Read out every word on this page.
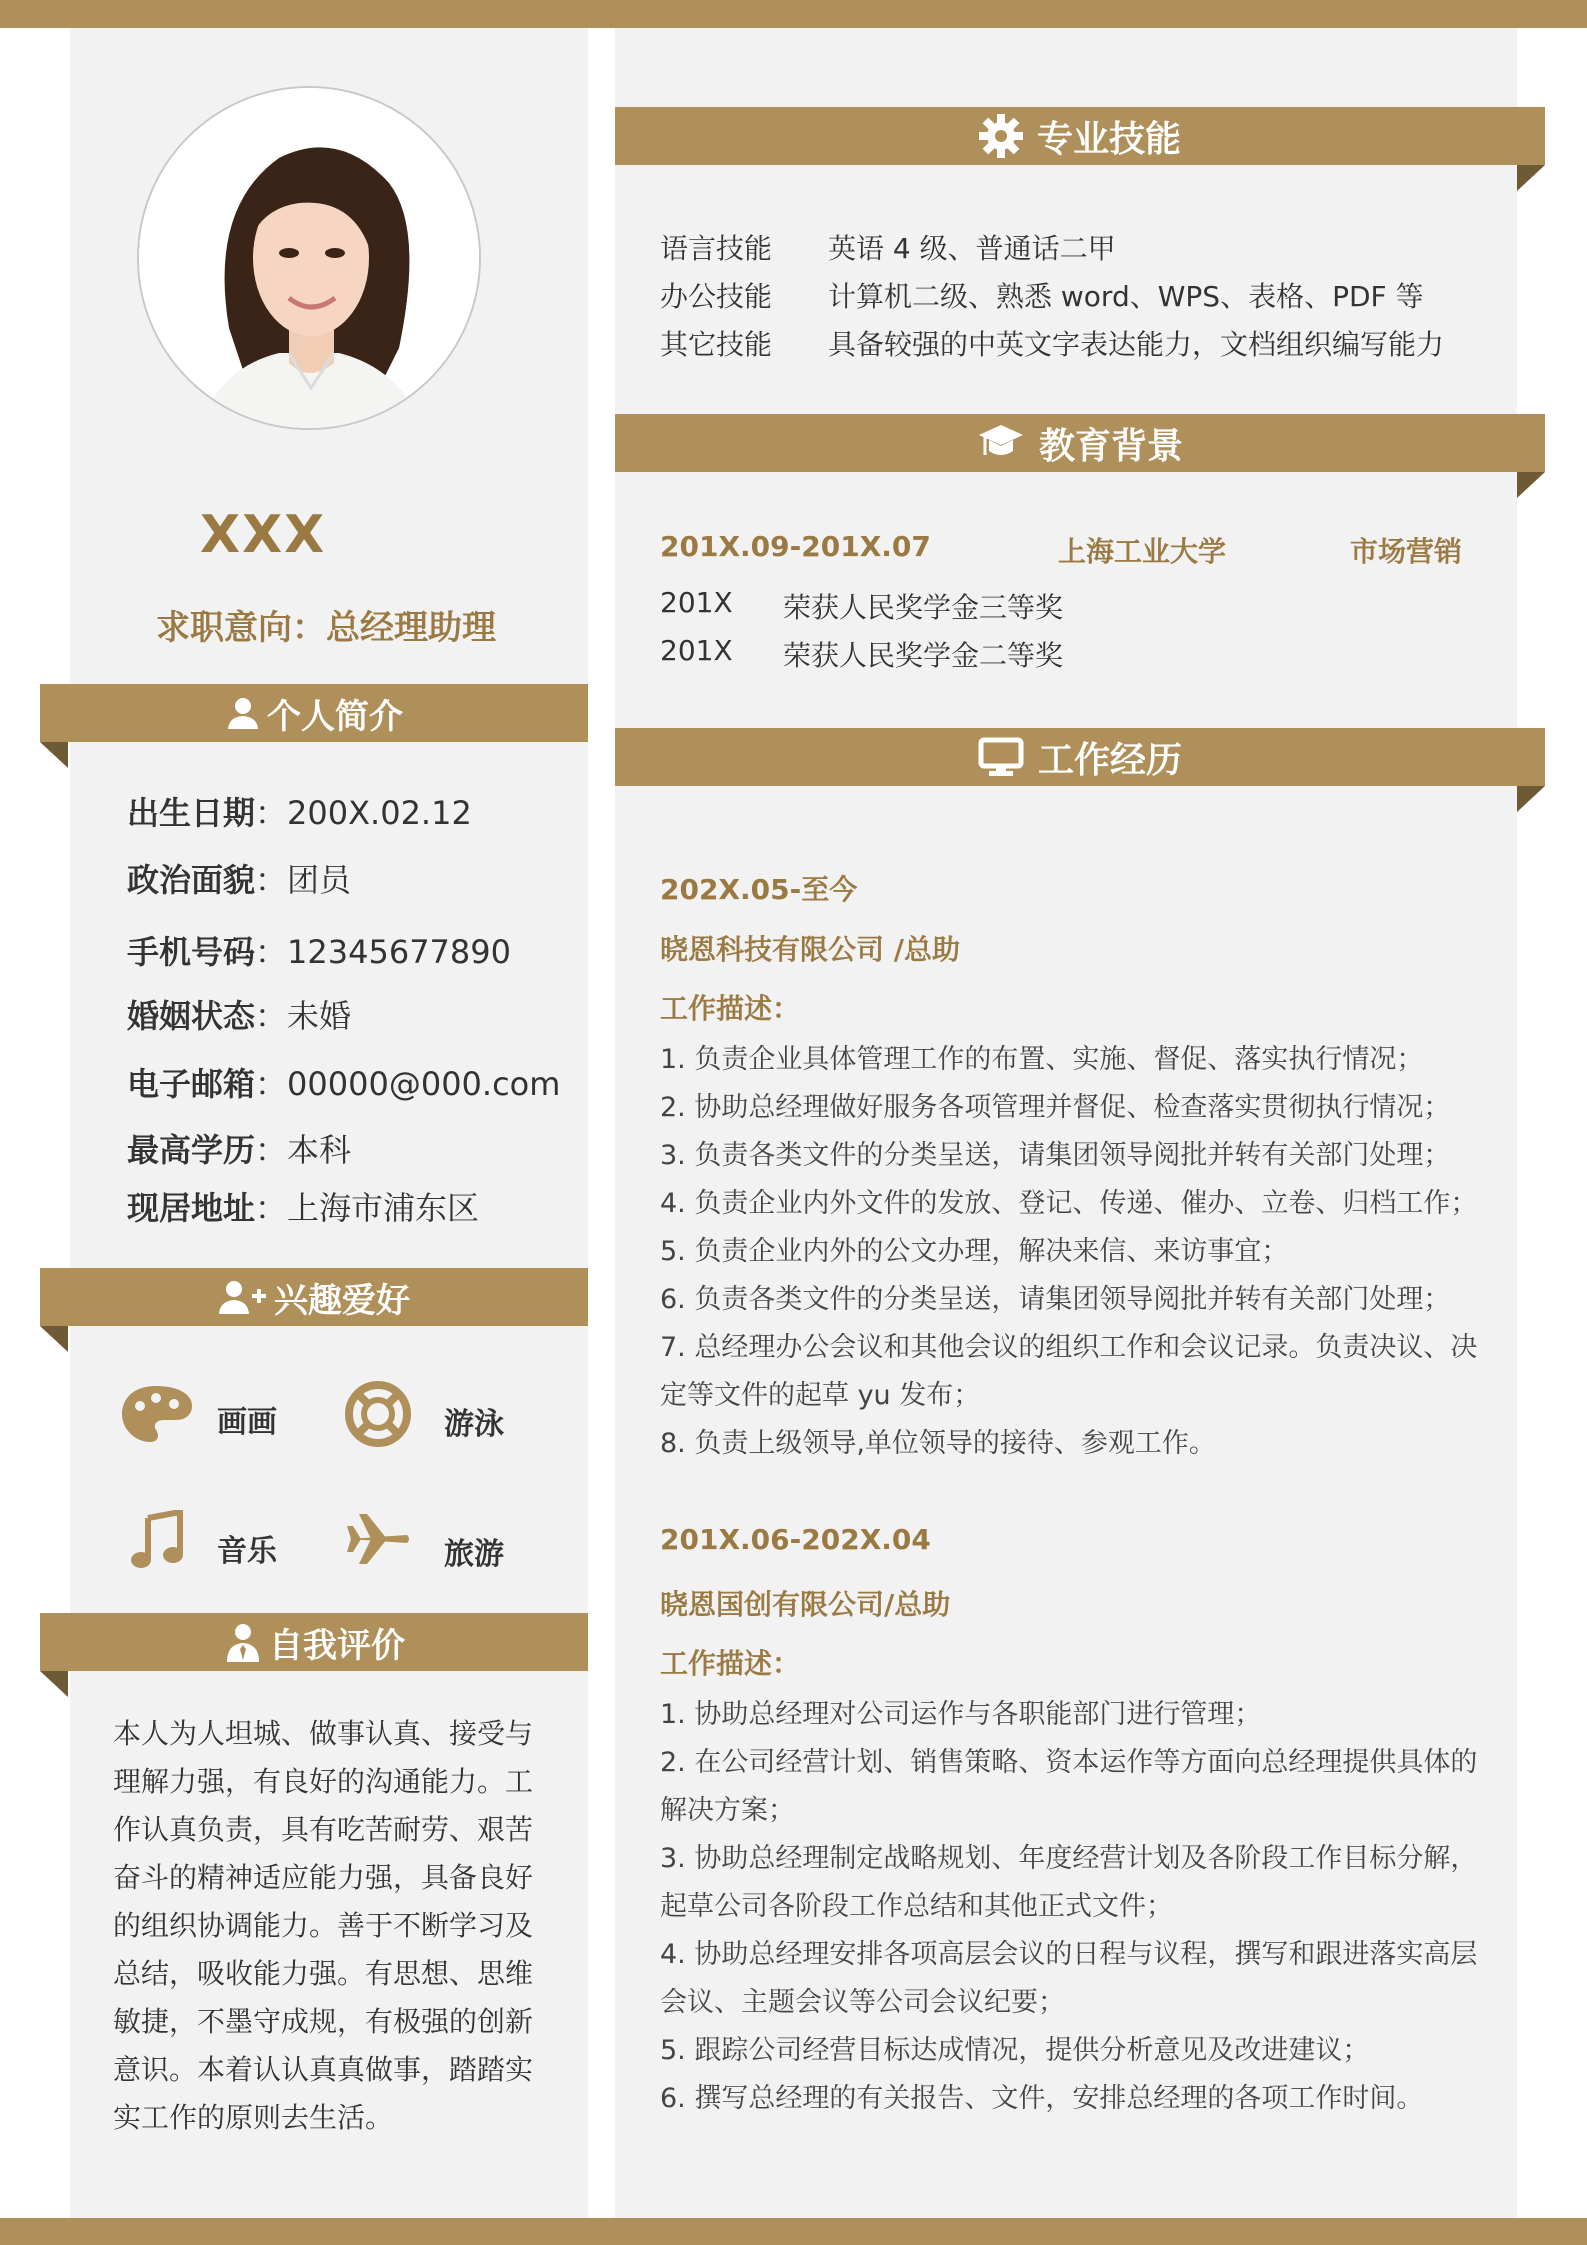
XXX
求职意向：总经理助理
个人简介
出生日期：200X.02.12
政治面貌：团员
手机号码：12345677890
婚姻状态：未婚
电子邮箱：00000@000.com
最高学历：本科
现居地址：上海市浦东区
兴趣爱好
画画	游泳
音乐	旅游
自我评价
本人为人坦城、做事认真、接受与理解力强，有良好的沟通能力。工作认真负责，具有吃苦耐劳、艰苦奋斗的精神适应能力强，具备良好的组织协调能力。善于不断学习及总结，吸收能力强。有思想、思维敏捷，不墨守成规，有极强的创新意识。本着认认真真做事，踏踏实实工作的原则去生活。
专业技能
语言技能 英语 4 级、普通话二甲
办公技能 计算机二级、熟悉 word、WPS、表格、PDF 等
其它技能 具备较强的中英文字表达能力，文档组织编写能力
教育背景
201X.09-201X.07	上海工业大学	市场营销
201X 荣获人民奖学金三等奖
201X 荣获人民奖学金二等奖
工作经历
202X.05-至今
晓恩科技有限公司 /总助
工作描述：
1. 负责企业具体管理工作的布置、实施、督促、落实执行情况；
2. 协助总经理做好服务各项管理并督促、检查落实贯彻执行情况；
3. 负责各类文件的分类呈送，请集团领导阅批并转有关部门处理；
4. 负责企业内外文件的发放、登记、传递、催办、立卷、归档工作；
5. 负责企业内外的公文办理，解决来信、来访事宜；
6. 负责各类文件的分类呈送，请集团领导阅批并转有关部门处理；
7. 总经理办公会议和其他会议的组织工作和会议记录。负责决议、决定等文件的起草 yu 发布；
8. 负责上级领导,单位领导的接待、参观工作。
201X.06-202X.04
晓恩国创有限公司/总助
工作描述：
1. 协助总经理对公司运作与各职能部门进行管理；
2. 在公司经营计划、销售策略、资本运作等方面向总经理提供具体的解决方案；
3. 协助总经理制定战略规划、年度经营计划及各阶段工作目标分解，起草公司各阶段工作总结和其他正式文件；
4. 协助总经理安排各项高层会议的日程与议程，撰写和跟进落实高层会议、主题会议等公司会议纪要；
5. 跟踪公司经营目标达成情况，提供分析意见及改进建议；
6. 撰写总经理的有关报告、文件，安排总经理的各项工作时间。
